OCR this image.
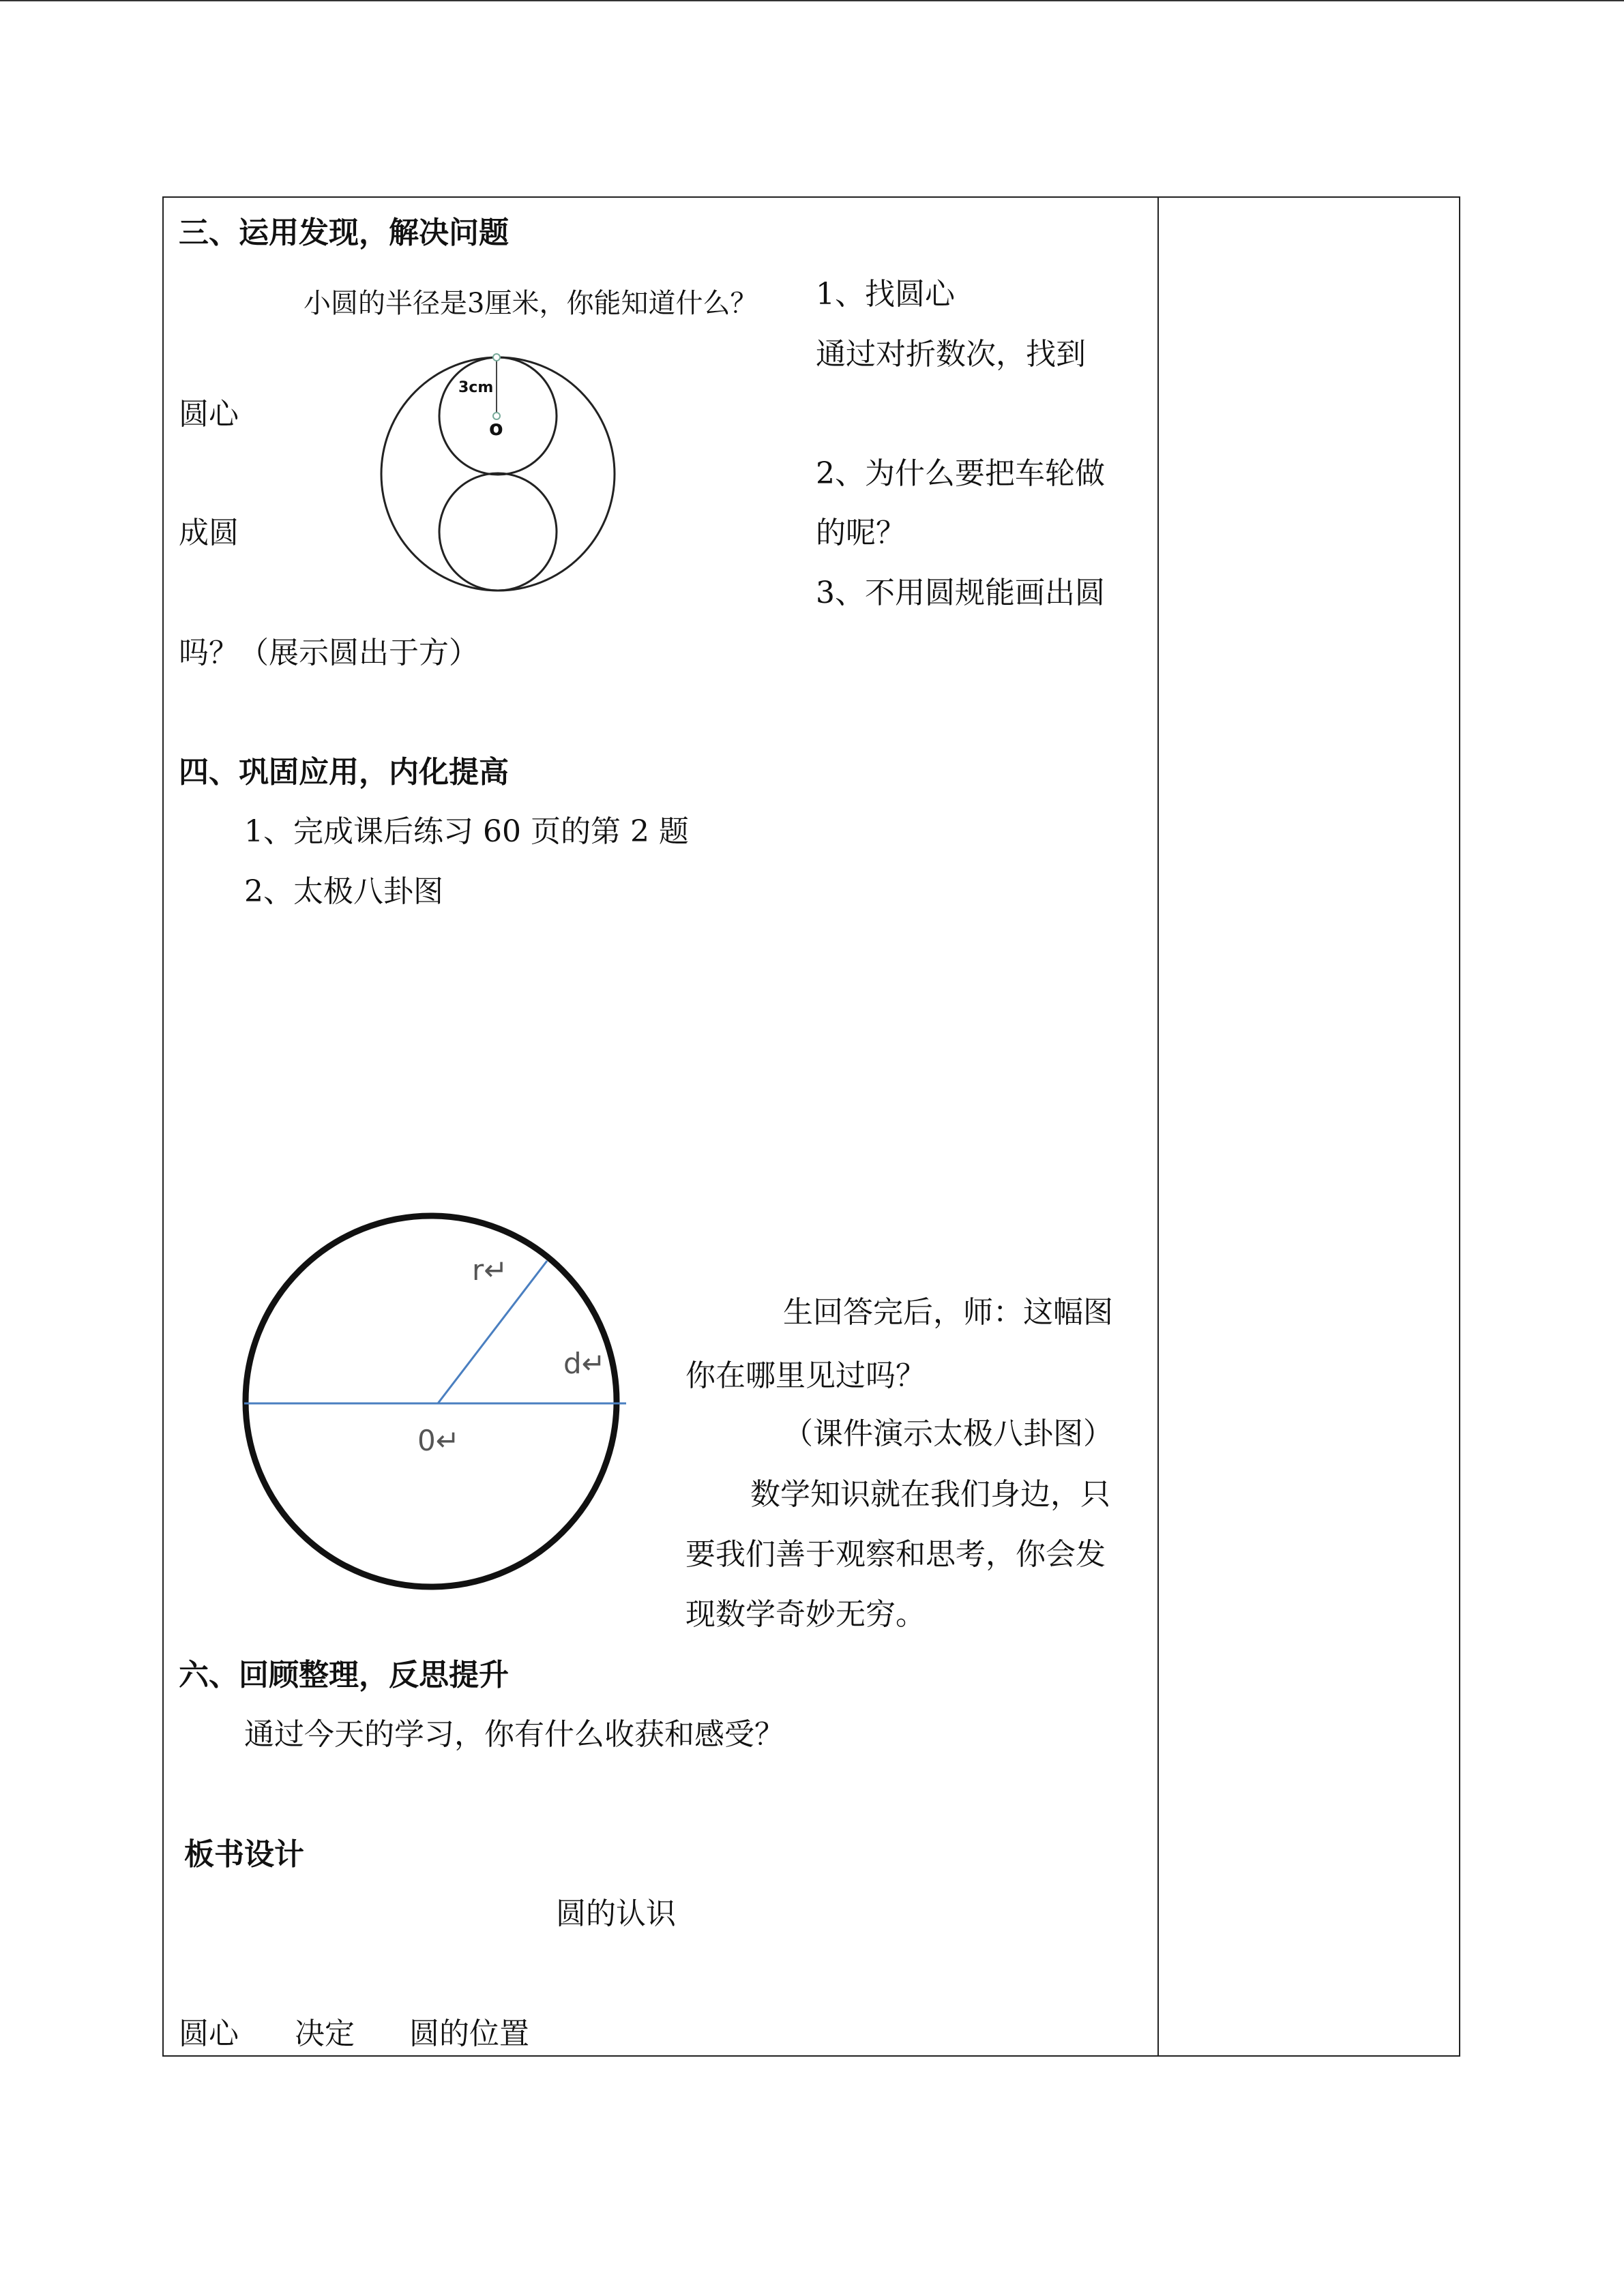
三、运用发现，解决问题
小圆的半径是3厘米，你能知道什么？
3cm
o
圆心
成圆
吗？（展示圆出于方）
1、找圆心
通过对折数次，找到
2、为什么要把车轮做
的呢？
3、不用圆规能画出圆
四、巩固应用，内化提高
1、完成课后练习 60 页的第 2 题
2、太极八卦图
r↵
d↵
0↵
生回答完后，师：这幅图
你在哪里见过吗？
（课件演示太极八卦图）
数学知识就在我们身边，只
要我们善于观察和思考，你会发
现数学奇妙无穷。
六、回顾整理，反思提升
通过今天的学习，你有什么收获和感受？
板书设计
圆的认识
圆心 决定 圆的位置
